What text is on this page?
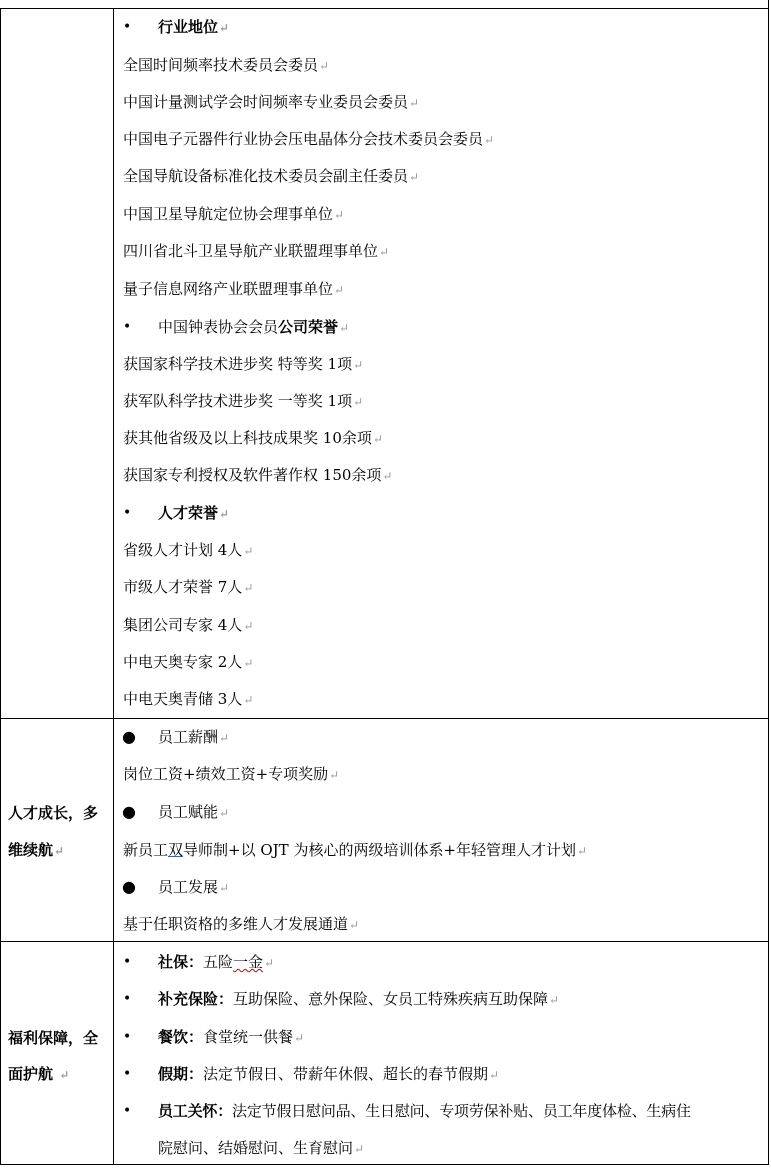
• 行业地位↵
全国时间频率技术委员会委员↵
中国计量测试学会时间频率专业委员会委员↵
中国电子元器件行业协会压电晶体分会技术委员会委员↵
全国导航设备标准化技术委员会副主任委员↵
中国卫星导航定位协会理事单位↵
四川省北斗卫星导航产业联盟理事单位↵
量子信息网络产业联盟理事单位↵
• 中国钟表协会会员公司荣誉↵
获国家科学技术进步奖 特等奖 1项↵
获军队科学技术进步奖 一等奖 1项↵
获其他省级及以上科技成果奖 10余项↵
获国家专利授权及软件著作权 150余项↵
• 人才荣誉↵
省级人才计划 4人↵
市级人才荣誉 7人↵
集团公司专家 4人↵
中电天奥专家 2人↵
中电天奥青储 3人↵
人才成长，多
维续航↵
● 员工薪酬↵
岗位工资+绩效工资+专项奖励↵
● 员工赋能↵
新员工双导师制+以 OJT 为核心的两级培训体系+年轻管理人才计划↵
● 员工发展↵
基于任职资格的多维人才发展通道↵
福利保障，全
面护航 ↵
• 社保：五险一金↵
• 补充保险：互助保险、意外保险、女员工特殊疾病互助保障↵
• 餐饮：食堂统一供餐↵
• 假期：法定节假日、带薪年休假、超长的春节假期↵
• 员工关怀：法定节假日慰问品、生日慰问、专项劳保补贴、员工年度体检、生病住
院慰问、结婚慰问、生育慰问↵
